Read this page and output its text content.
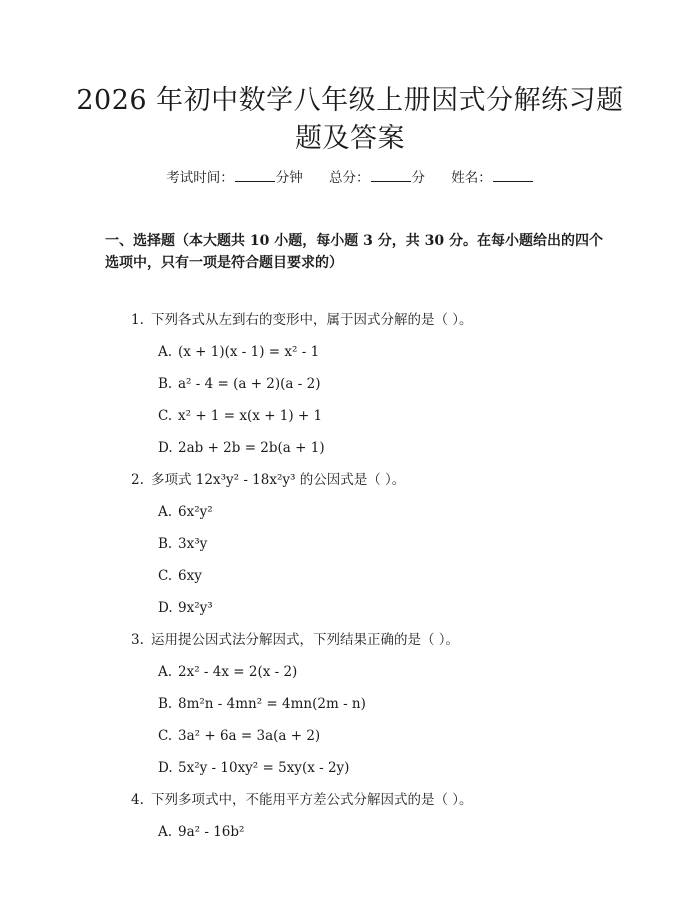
2026 年初中数学八年级上册因式分解练习题
题及答案
考试时间：	分钟 总分：	分 姓名：

一、选择题（本大题共 10 小题，每小题 3 分，共 30 分。在每小题给出的四个选项中，只有一项是符合题目要求的）

1. 下列各式从左到右的变形中，属于因式分解的是（ ）。
A. (x + 1)(x - 1) = x² - 1
B. a² - 4 = (a + 2)(a - 2)
C. x² + 1 = x(x + 1) + 1
D. 2ab + 2b = 2b(a + 1)
2. 多项式 12x³y² - 18x²y³ 的公因式是（ ）。
A. 6x²y²
B. 3x³y
C. 6xy
D. 9x²y³
3. 运用提公因式法分解因式，下列结果正确的是（ ）。
A. 2x² - 4x = 2(x - 2)
B. 8m²n - 4mn² = 4mn(2m - n)
C. 3a² + 6a = 3a(a + 2)
D. 5x²y - 10xy² = 5xy(x - 2y)
4. 下列多项式中，不能用平方差公式分解因式的是（ ）。
A. 9a² - 16b²
